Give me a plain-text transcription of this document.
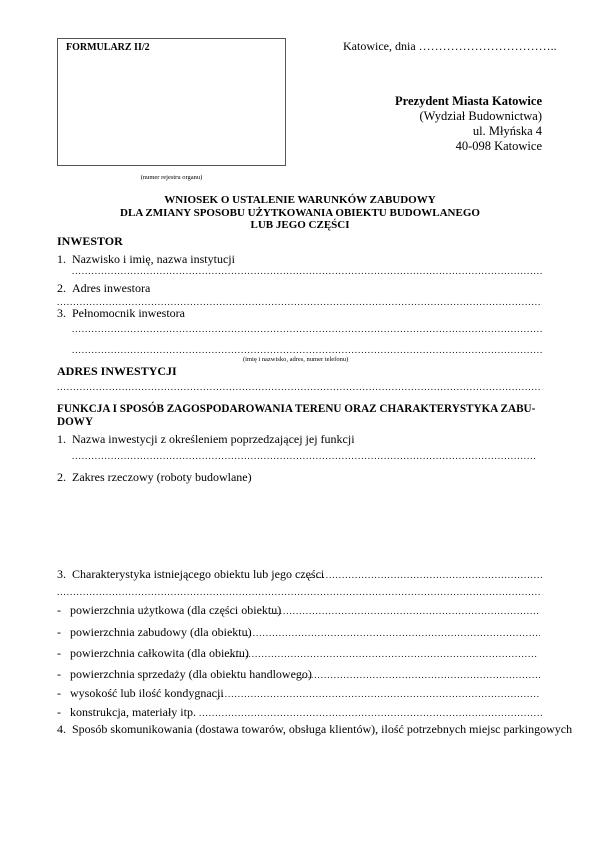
FORMULARZ II/2
(numer rejestru organu)
Katowice, dnia ……………………………..
Prezydent Miasta Katowice
(Wydział Budownictwa)
ul. Młyńska 4
40-098 Katowice
WNIOSEK O USTALENIE WARUNKÓW ZABUDOWY
DLA ZMIANY SPOSOBU UŻYTKOWANIA OBIEKTU BUDOWLANEGO
LUB JEGO CZĘŚCI
INWESTOR
1. Nazwisko i imię, nazwa instytucji
.....
2. Adres inwestora
.....
3. Pełnomocnik inwestora
.....
.....
(imię i nazwisko, adres, numer telefonu)
ADRES INWESTYCJI
.....
FUNKCJA I SPOSÓB ZAGOSPODAROWANIA TERENU ORAZ CHARAKTERYSTYKA ZABU-
DOWY
1. Nazwa inwestycji z określeniem poprzedzającej jej funkcji
.....
2. Zakres rzeczowy (roboty budowlane)
3. Charakterystyka istniejącego obiektu lub jego części
.....
.....
- powierzchnia użytkowa (dla części obiektu)
.....
- powierzchnia zabudowy (dla obiektu)
.....
- powierzchnia całkowita (dla obiektu)
.....
- powierzchnia sprzedaży (dla obiektu handlowego)
.....
- wysokość lub ilość kondygnacji
.....
- konstrukcja, materiały itp.
.....
4. Sposób skomunikowania (dostawa towarów, obsługa klientów), ilość potrzebnych miejsc parkingowych
